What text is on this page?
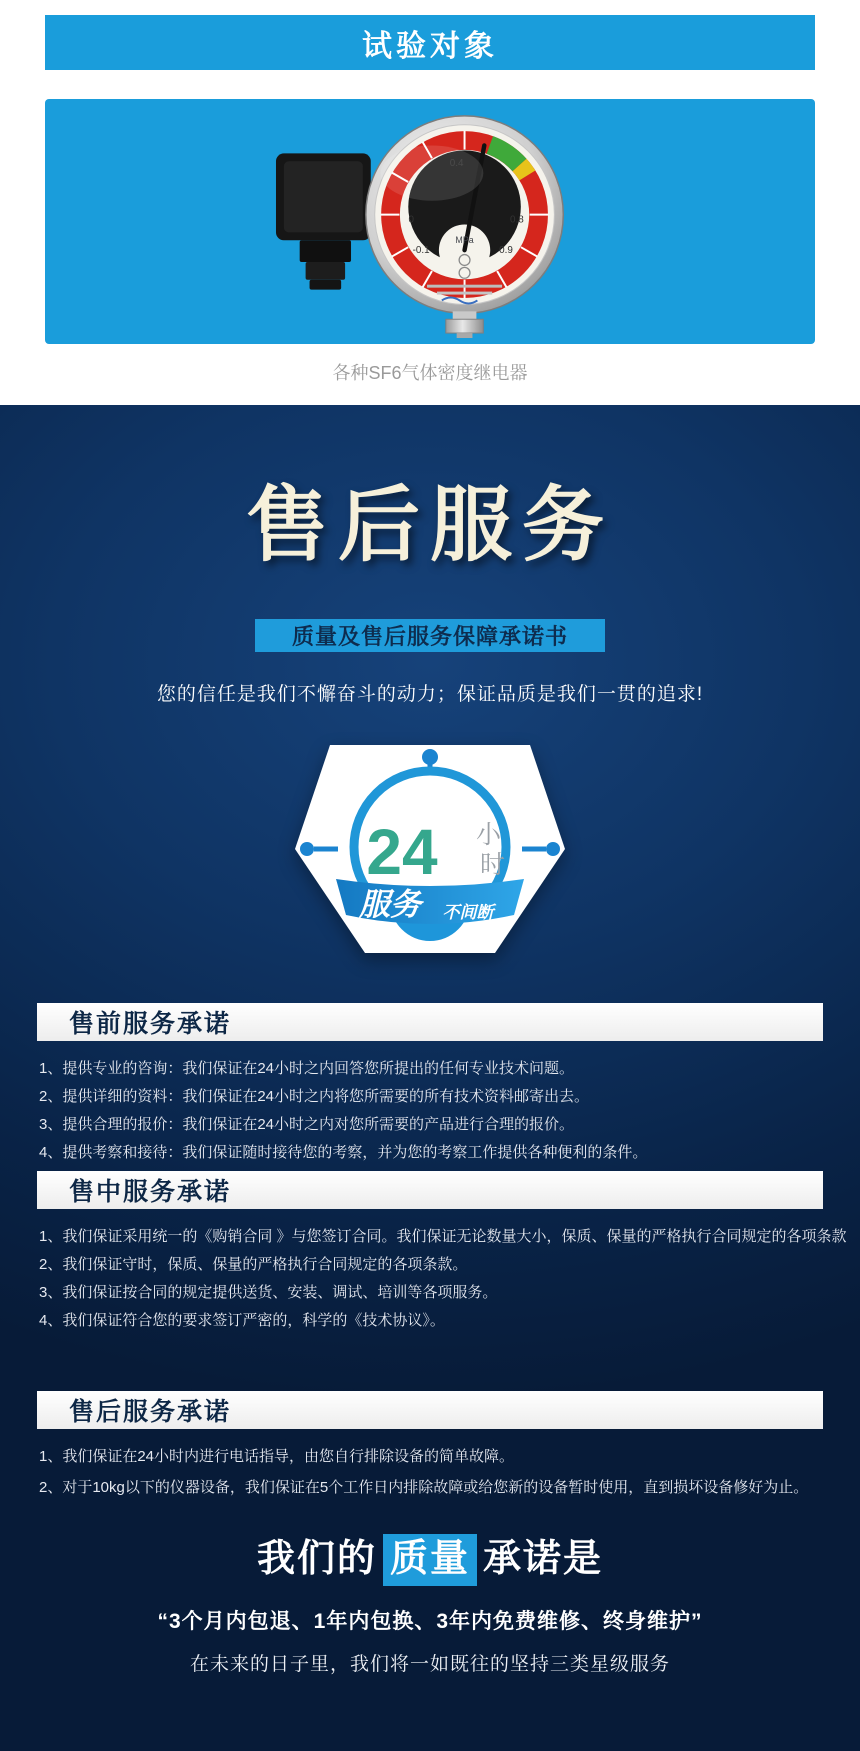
试验对象
0.4
0.8
0.9
-0.1
0
MPa
各种SF6气体密度继电器
售后服务
质量及售后服务保障承诺书

您的信任是我们不懈奋斗的动力；保证品质是我们一贯的追求!

24 小
时
服务 不间断
售前服务承诺
1、提供专业的咨询：我们保证在24小时之内回答您所提出的任何专业技术问题。
2、提供详细的资料：我们保证在24小时之内将您所需要的所有技术资料邮寄出去。
3、提供合理的报价：我们保证在24小时之内对您所需要的产品进行合理的报价。
4、提供考察和接待：我们保证随时接待您的考察，并为您的考察工作提供各种便利的条件。
售中服务承诺
1、我们保证采用统一的《购销合同 》与您签订合同。我们保证无论数量大小，保质、保量的严格执行合同规定的各项条款
2、我们保证守时，保质、保量的严格执行合同规定的各项条款。
3、我们保证按合同的规定提供送货、安装、调试、培训等各项服务。
4、我们保证符合您的要求签订严密的，科学的《技术协议》。
售后服务承诺
1、我们保证在24小时内进行电话指导，由您自行排除设备的简单故障。
2、对于10kg以下的仪器设备，我们保证在5个工作日内排除故障或给您新的设备暂时使用，直到损坏设备修好为止。
我们的 质量 承诺是

“3个月内包退、1年内包换、3年内免费维修、终身维护”

在未来的日子里，我们将一如既往的坚持三类星级服务
